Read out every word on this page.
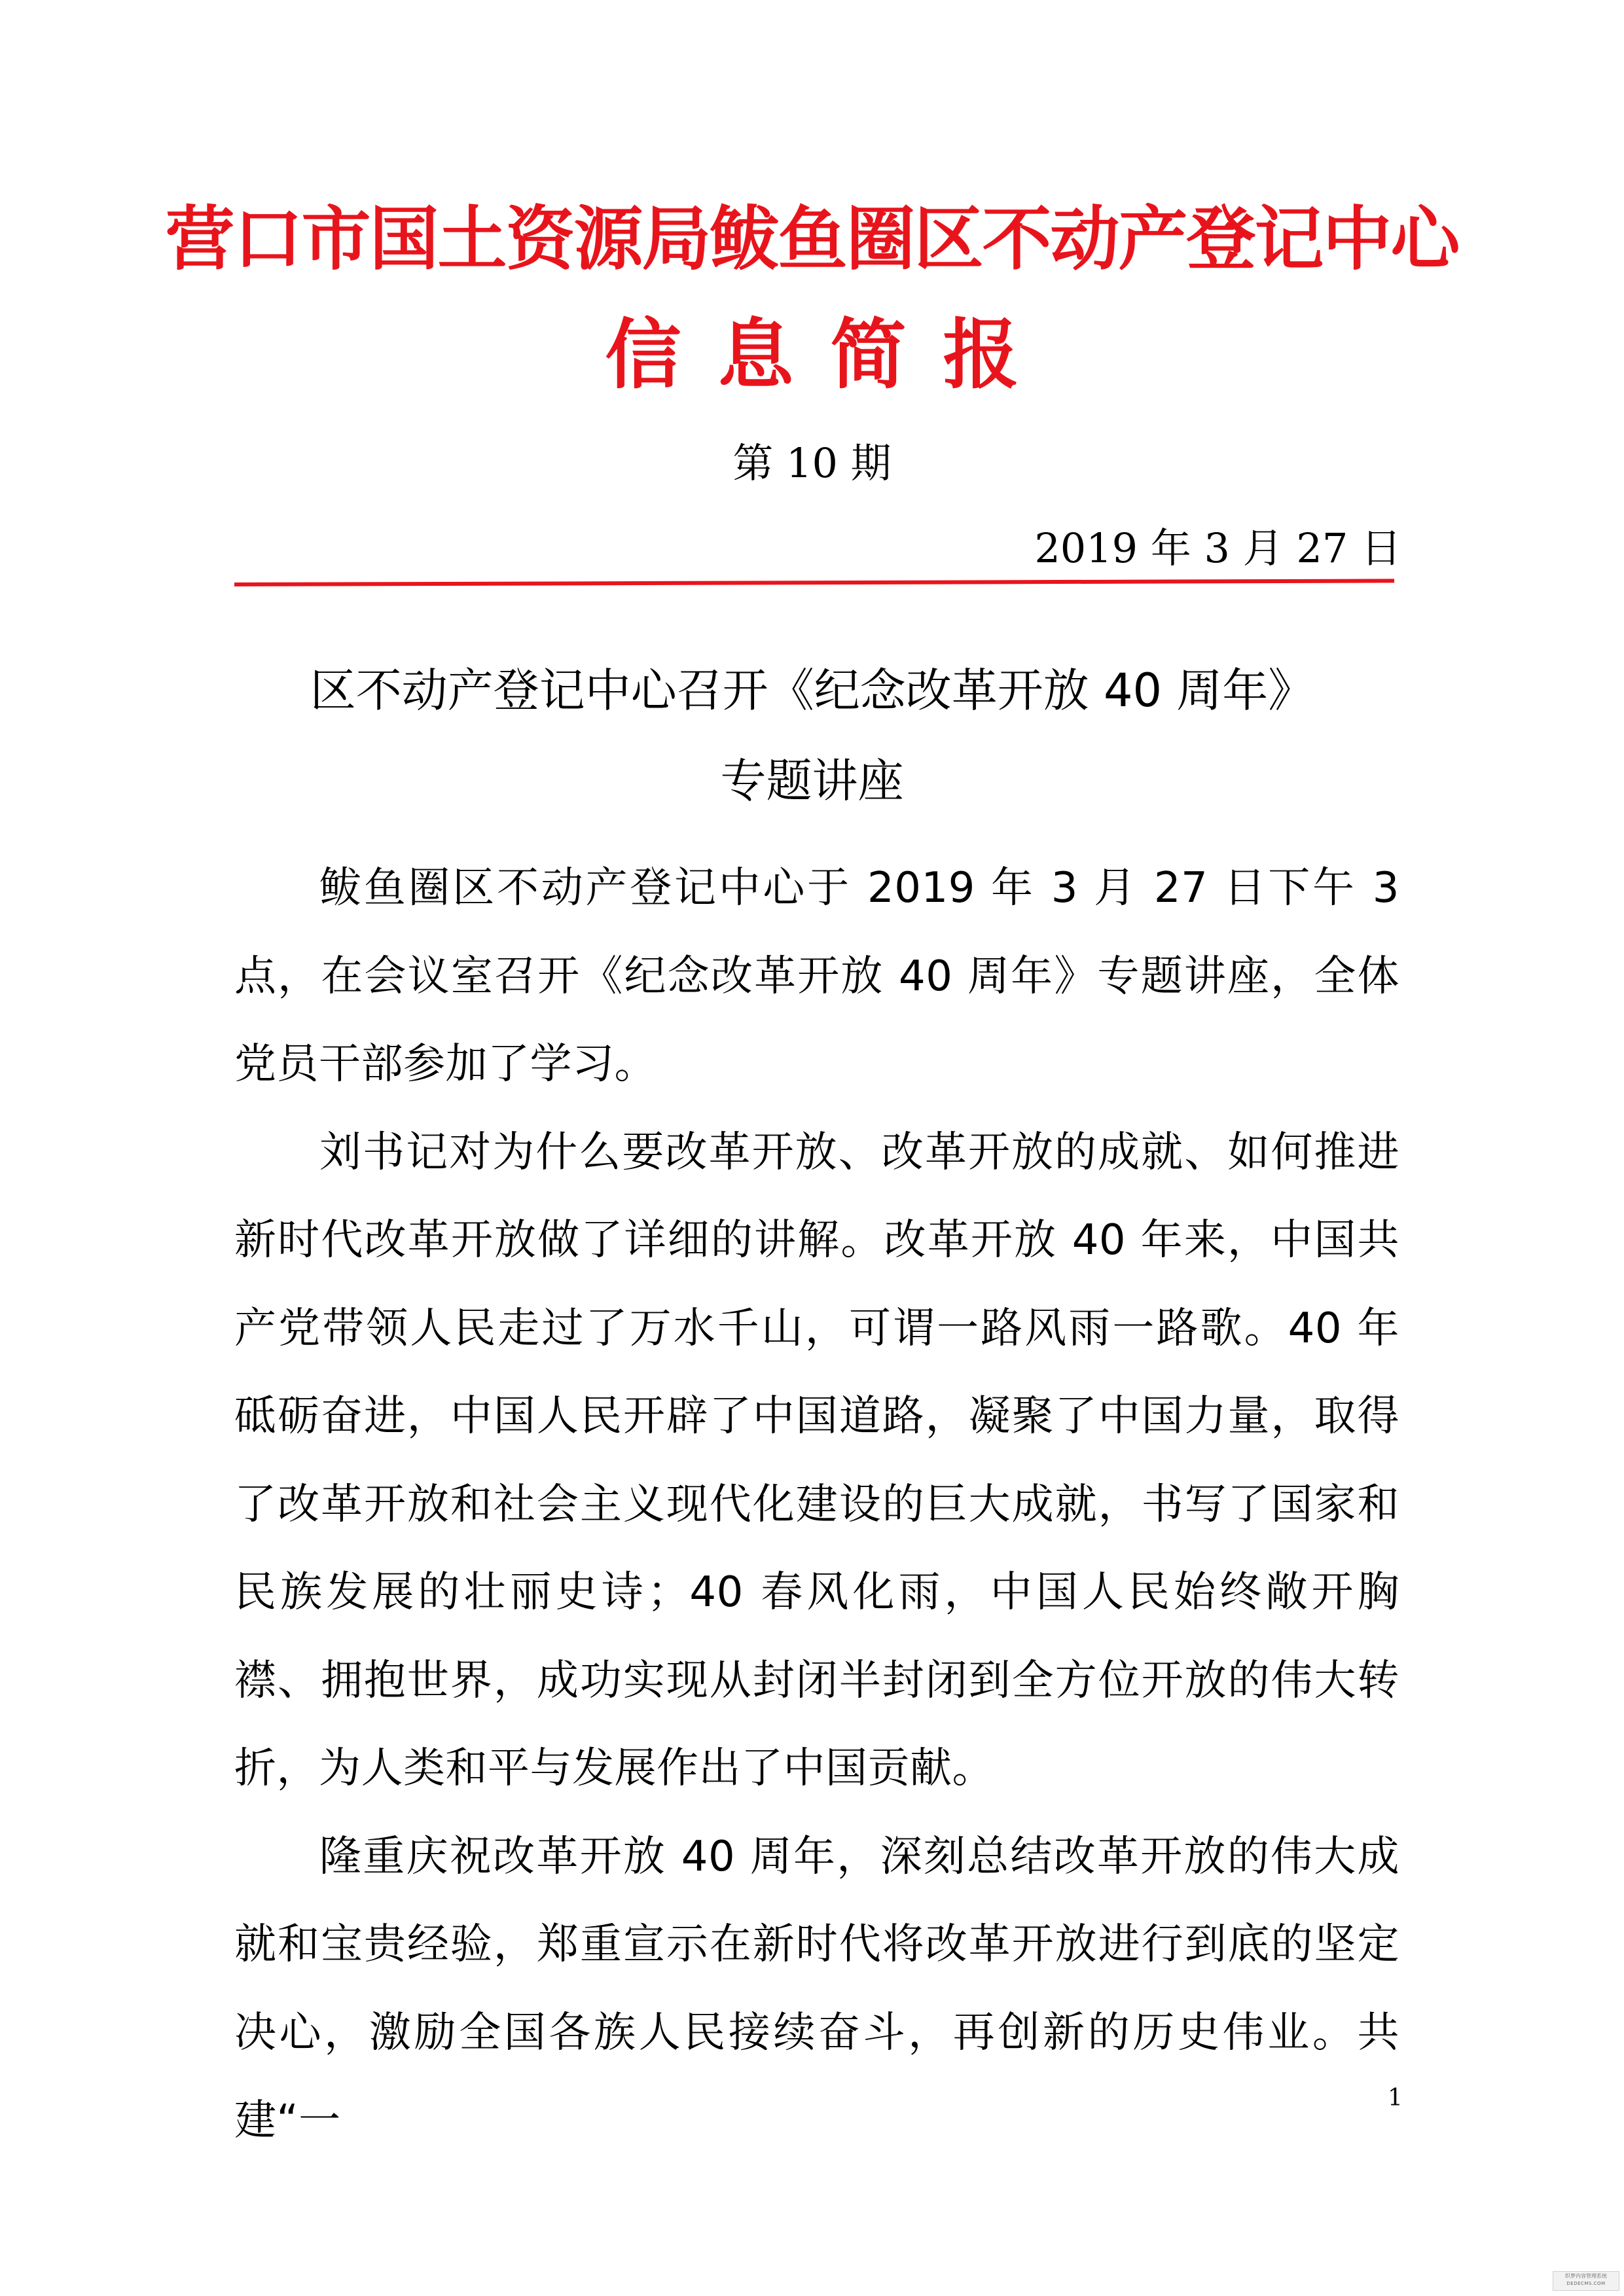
营口市国土资源局鲅鱼圈区不动产登记中心
信息简报
第 10 期
2019 年 3 月 27 日
区不动产登记中心召开《纪念改革开放 40 周年》
专题讲座

鲅鱼圈区不动产登记中心于 2019 年 3 月 27 日下午 3 点，在会议室召开《纪念改革开放 40 周年》专题讲座，全体党员干部参加了学习。

刘书记对为什么要改革开放、改革开放的成就、如何推进新时代改革开放做了详细的讲解。改革开放 40 年来，中国共产党带领人民走过了万水千山，可谓一路风雨一路歌。40 年砥砺奋进，中国人民开辟了中国道路，凝聚了中国力量，取得了改革开放和社会主义现代化建设的巨大成就，书写了国家和民族发展的壮丽史诗；40 春风化雨，中国人民始终敞开胸襟、拥抱世界，成功实现从封闭半封闭到全方位开放的伟大转折，为人类和平与发展作出了中国贡献。

隆重庆祝改革开放 40 周年，深刻总结改革开放的伟大成就和宝贵经验，郑重宣示在新时代将改革开放进行到底的坚定决心，激励全国各族人民接续奋斗，再创新的历史伟业。共建“一	1
织梦内容管理系统
DEDECMS.COM
